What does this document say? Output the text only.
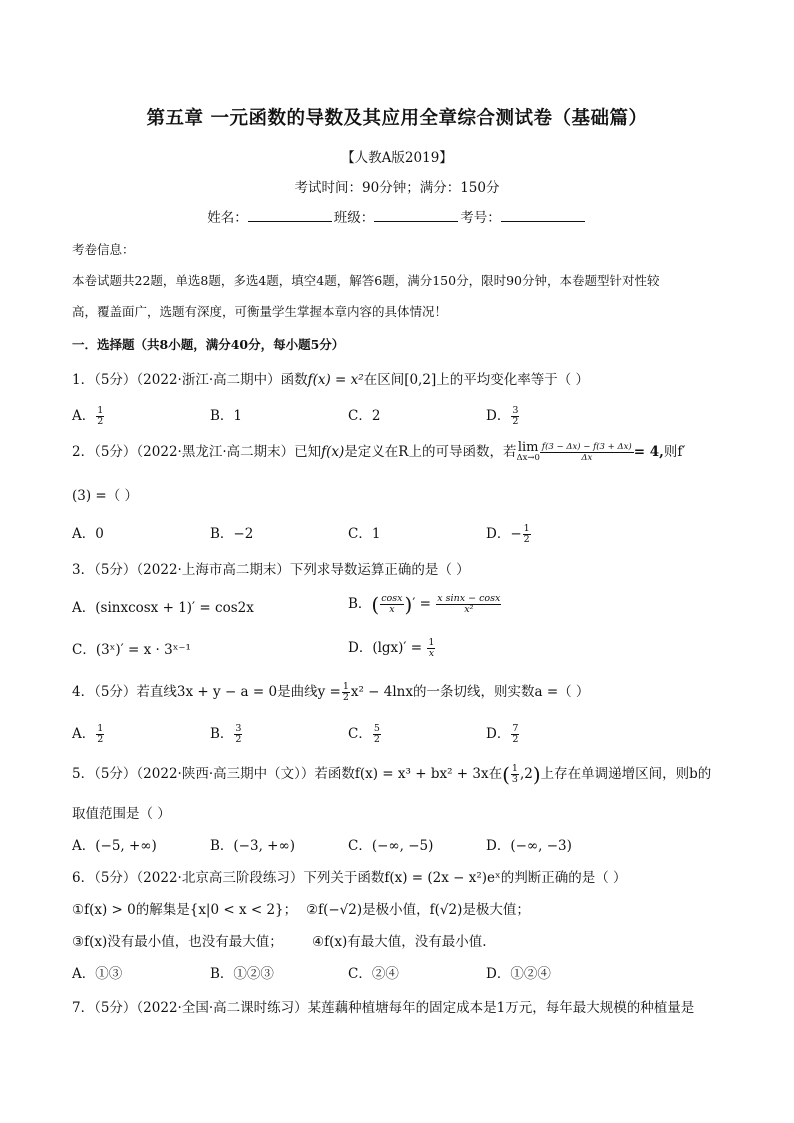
第五章 一元函数的导数及其应用全章综合测试卷（基础篇）
【人教A版2019】
考试时间：90分钟；满分：150分
姓名：	班级：	考号：
考卷信息：
本卷试题共22题，单选8题，多选4题，填空4题，解答6题，满分150分，限时90分钟，本卷题型针对性较
高，覆盖面广，选题有深度，可衡量学生掌握本章内容的具体情况！
一．选择题（共8小题，满分40分，每小题5分）
1．（5分）（2022·浙江·高二期中）函数f(x) = x²在区间[0,2]上的平均变化率等于（ ）
A． $\frac{1}{2}$	B．1	C．2	D． $\frac{3}{2}$
2．（5分）（2022·黑龙江·高二期末）已知f(x)是定义在R上的可导函数，若 lim
$\Delta x\to 0 \frac{f(3 - \Delta x) - f(3 + \Delta x)}{\Delta x} = 4$,则f′
(3) =（ ）
A．0	B．−2	C．1	D．− $\frac{1}{2}$
3．（5分）（2022·上海市高二期末）下列求导数运算正确的是（ ）
A．(sinxcosx + 1)′ = cos2x	B．( $\frac{\cos x}{x}$ )′ = $\frac{\text{x sinx − cosx}}{\text{x²}}$
C．(3ˣ)′ = x · 3ˣ⁻¹	D．$(\lg x)' = \frac{1}{x}$
4．（5分）若直线3x + y − a = 0是曲线$y = \frac{1}{2} x^2 - 4\ln x$的一条切线，则实数a =（ ）
A． $\frac{1}{2}$	B． $\frac{3}{2}$	C． $\frac{5}{2}$	D． $\frac{7}{2}$
5．（5分）（2022·陕西·高三期中（文））若函数f(x) = x³ + bx² + 3x在( $\frac{1}{3} ,2$)上存在单调递增区间，则b的
取值范围是（ ）
A．(−5, +∞)	B．(−3, +∞)	C．(−∞, −5)	D．(−∞, −3)
6．（5分）（2022·北京高三阶段练习）下列关于函数f(x) = (2x − x²)eˣ的判断正确的是（ ）
①f(x) > 0的解集是{x|0 < x < 2}； ②f(−√2)是极小值，f(√2)是极大值；
③f(x)没有最小值，也没有最大值； ④f(x)有最大值，没有最小值.
A．①③	B．①②③	C．②④	D．①②④
7．（5分）（2022·全国·高二课时练习）某莲藕种植塘每年的固定成本是1万元，每年最大规模的种植量是
